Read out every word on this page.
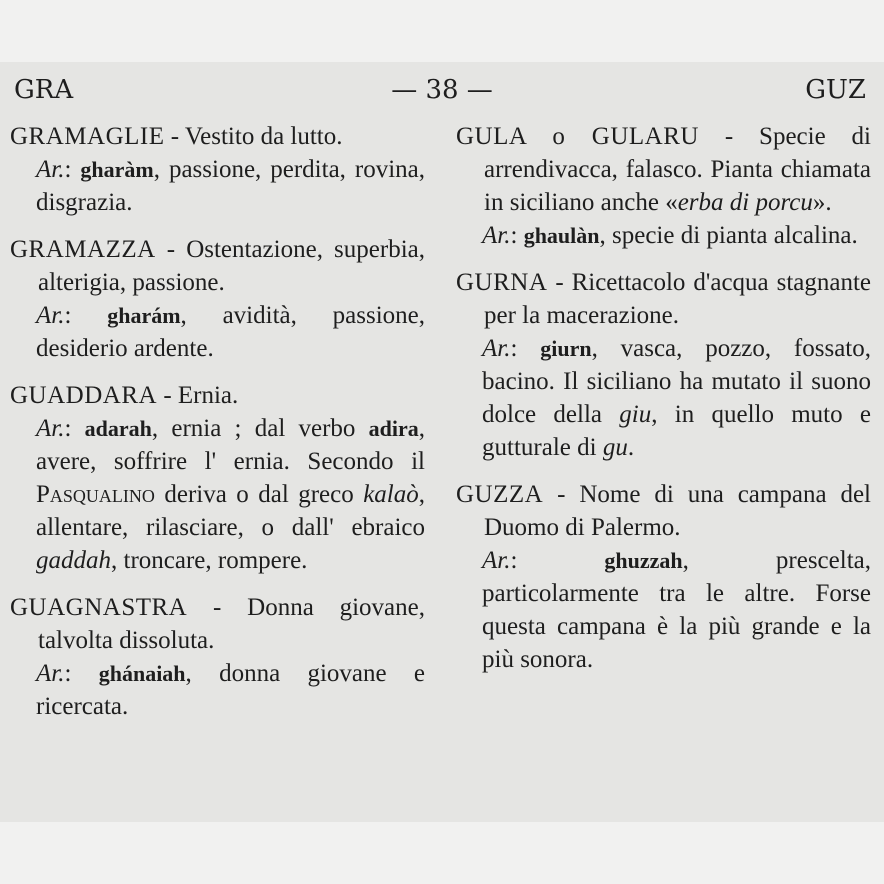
GRA	— 38 —	GUZ

GRAMAGLIE - Vestito da lutto.

Ar.: gharàm, passione, perdita, rovina, disgrazia.

GRAMAZZA - Ostentazione, superbia, alterigia, passione.

Ar.: gharám, avidità, passione, desiderio ardente.

GUADDARA - Ernia.

Ar.: adarah, ernia ; dal verbo adira, avere, soffrire l' ernia. Secondo il Pasqualino deriva o dal greco kalaò, allentare, rilasciare, o dall' ebraico gaddah, troncare, rompere.

GUAGNASTRA - Donna giovane, talvolta dissoluta.

Ar.: ghánaiah, donna giovane e ricercata.

GULA o GULARU - Specie di arrendivacca, falasco. Pianta chiamata in siciliano anche «erba di porcu».

Ar.: ghaulàn, specie di pianta alcalina.

GURNA - Ricettacolo d'acqua stagnante per la macerazione.

Ar.: giurn, vasca, pozzo, fossato, bacino. Il siciliano ha mutato il suono dolce della giu, in quello muto e gutturale di gu.

GUZZA - Nome di una campana del Duomo di Palermo.

Ar.: ghuzzah, prescelta, particolarmente tra le altre. Forse questa campana è la più grande e la più sonora.
